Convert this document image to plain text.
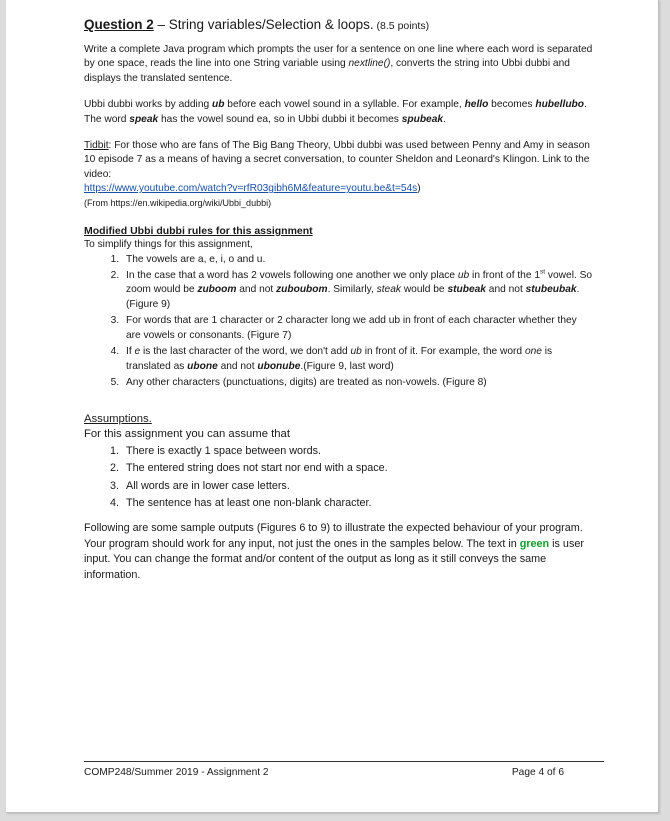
Question 2 – String variables/Selection & loops. (8.5 points)

Write a complete Java program which prompts the user for a sentence on one line where each word is separated by one space, reads the line into one String variable using nextline(), converts the string into Ubbi dubbi and displays the translated sentence.

Ubbi dubbi works by adding ub before each vowel sound in a syllable. For example, hello becomes hubellubo. The word speak has the vowel sound ea, so in Ubbi dubbi it becomes spubeak.

Tidbit: For those who are fans of The Big Bang Theory, Ubbi dubbi was used between Penny and Amy in season 10 episode 7 as a means of having a secret conversation, to counter Sheldon and Leonard's Klingon. Link to the video:
https://www.youtube.com/watch?v=rfR03gibh6M&feature=youtu.be&t=54s)

(From https://en.wikipedia.org/wiki/Ubbi_dubbi)

Modified Ubbi dubbi rules for this assignment

To simplify things for this assignment,

1. The vowels are a, e, i, o and u.
2. In the case that a word has 2 vowels following one another we only place ub in front of the 1st vowel. So zoom would be zuboom and not zuboubom. Similarly, steak would be stubeak and not stubeubak. (Figure 9)
3. For words that are 1 character or 2 character long we add ub in front of each character whether they are vowels or consonants. (Figure 7)
4. If e is the last character of the word, we don't add ub in front of it. For example, the word one is translated as ubone and not ubonube.(Figure 9, last word)
5. Any other characters (punctuations, digits) are treated as non-vowels. (Figure 8)
Assumptions.

For this assignment you can assume that

1. There is exactly 1 space between words.
2. The entered string does not start nor end with a space.
3. All words are in lower case letters.
4. The sentence has at least one non-blank character.

Following are some sample outputs (Figures 6 to 9) to illustrate the expected behaviour of your program. Your program should work for any input, not just the ones in the samples below. The text in green is user input. You can change the format and/or content of the output as long as it still conveys the same information.

COMP248/Summer 2019 - Assignment 2	Page 4 of 6
